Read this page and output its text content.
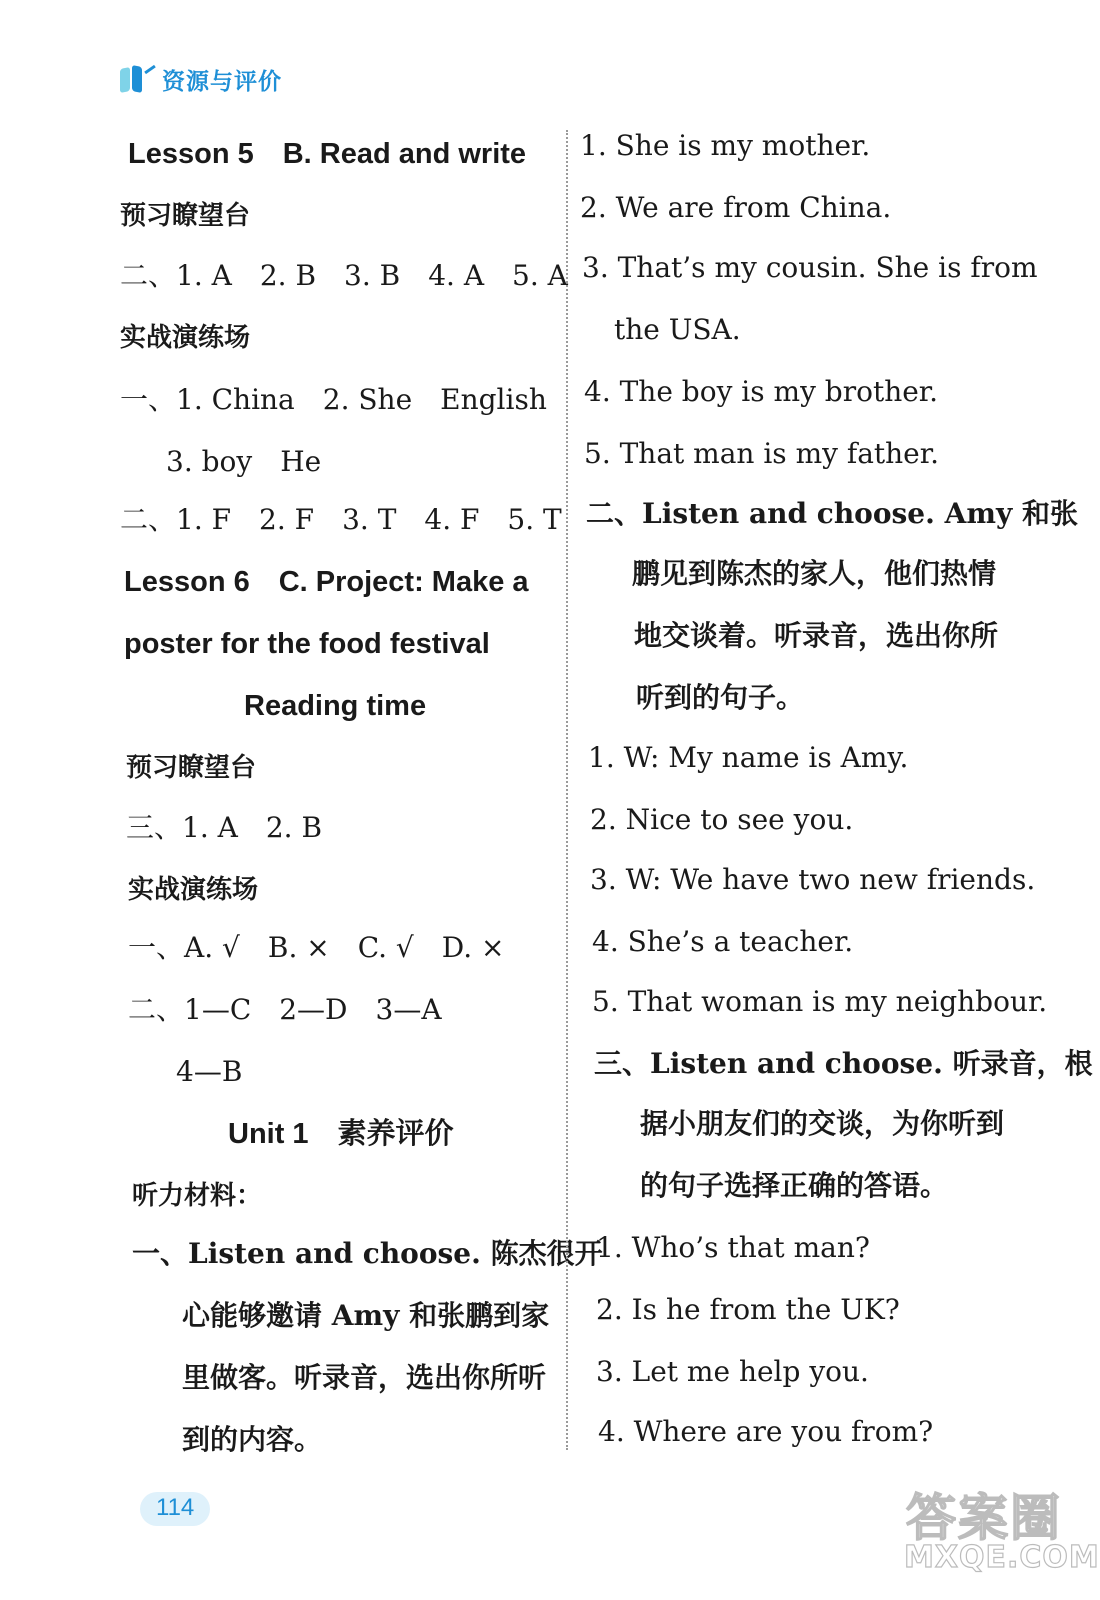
资源与评价
Lesson 5　B. Read and write
预习瞭望台
二、1. A　2. B　3. B　4. A　5. A
实战演练场
一、1. China　2. She　English
3. boy　He
二、1. F　2. F　3. T　4. F　5. T
Lesson 6　C. Project: Make a
poster for the food festival
Reading time
预习瞭望台
三、1. A　2. B
实战演练场
一、A. √　B. ×　C. √　D. ×
二、1—C　2—D　3—A
4—B
Unit 1　素养评价
听力材料：
一、Listen and choose. 陈杰很开
心能够邀请 Amy 和张鹏到家
里做客。听录音，选出你所听
到的内容。
1. She is my mother.
2. We are from China.
3. That’s my cousin. She is from
the USA.
4. The boy is my brother.
5. That man is my father.
二、Listen and choose. Amy 和张
鹏见到陈杰的家人，他们热情
地交谈着。听录音，选出你所
听到的句子。
1. W: My name is Amy.
2. Nice to see you.
3. W: We have two new friends.
4. She’s a teacher.
5. That woman is my neighbour.
三、Listen and choose. 听录音，根
据小朋友们的交谈，为你听到
的句子选择正确的答语。
1. Who’s that man?
2. Is he from the UK?
3. Let me help you.
4. Where are you from?
114	答案圈
MXQE.COM
